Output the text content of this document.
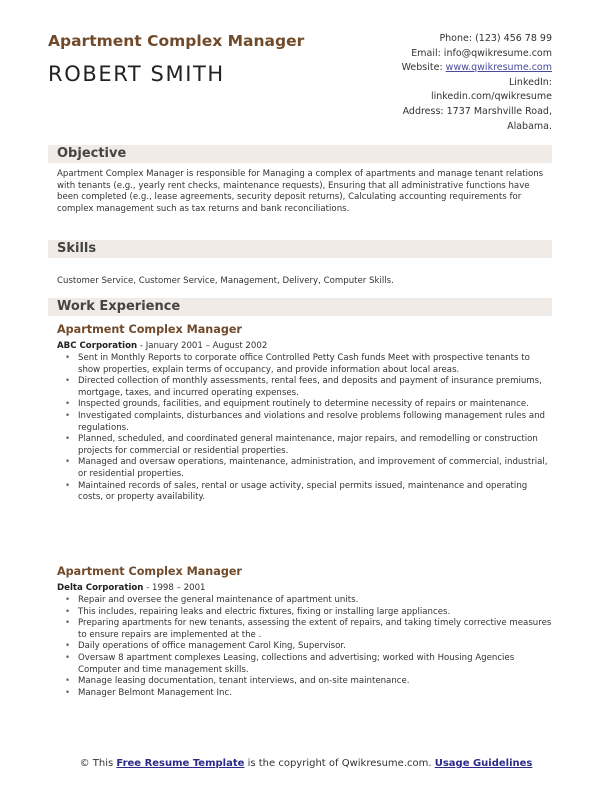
Apartment Complex Manager
ROBERT SMITH
Phone: (123) 456 78 99
Email: info@qwikresume.com
Website: www.qwikresume.com
LinkedIn:
linkedin.com/qwikresume
Address: 1737 Marshville Road,
Alabama.
Objective
Apartment Complex Manager is responsible for Managing a complex of apartments and manage tenant relations with tenants (e.g., yearly rent checks, maintenance requests), Ensuring that all administrative functions have been completed (e.g., lease agreements, security deposit returns), Calculating accounting requirements for complex management such as tax returns and bank reconciliations.
Skills
Customer Service, Customer Service, Management, Delivery, Computer Skills.
Work Experience
Apartment Complex Manager
ABC Corporation - January 2001 – August 2002
• Sent in Monthly Reports to corporate office Controlled Petty Cash funds Meet with prospective tenants to show properties, explain terms of occupancy, and provide information about local areas.
• Directed collection of monthly assessments, rental fees, and deposits and payment of insurance premiums, mortgage, taxes, and incurred operating expenses.
• Inspected grounds, facilities, and equipment routinely to determine necessity of repairs or maintenance.
• Investigated complaints, disturbances and violations and resolve problems following management rules and regulations.
• Planned, scheduled, and coordinated general maintenance, major repairs, and remodelling or construction projects for commercial or residential properties.
• Managed and oversaw operations, maintenance, administration, and improvement of commercial, industrial, or residential properties.
• Maintained records of sales, rental or usage activity, special permits issued, maintenance and operating costs, or property availability.
Apartment Complex Manager
Delta Corporation - 1998 – 2001
• Repair and oversee the general maintenance of apartment units.
• This includes, repairing leaks and electric fixtures, fixing or installing large appliances.
• Preparing apartments for new tenants, assessing the extent of repairs, and taking timely corrective measures to ensure repairs are implemented at the .
• Daily operations of office management Carol King, Supervisor.
• Oversaw 8 apartment complexes Leasing, collections and advertising; worked with Housing Agencies Computer and time management skills.
• Manage leasing documentation, tenant interviews, and on-site maintenance.
• Manager Belmont Management Inc.
© This Free Resume Template is the copyright of Qwikresume.com. Usage Guidelines
